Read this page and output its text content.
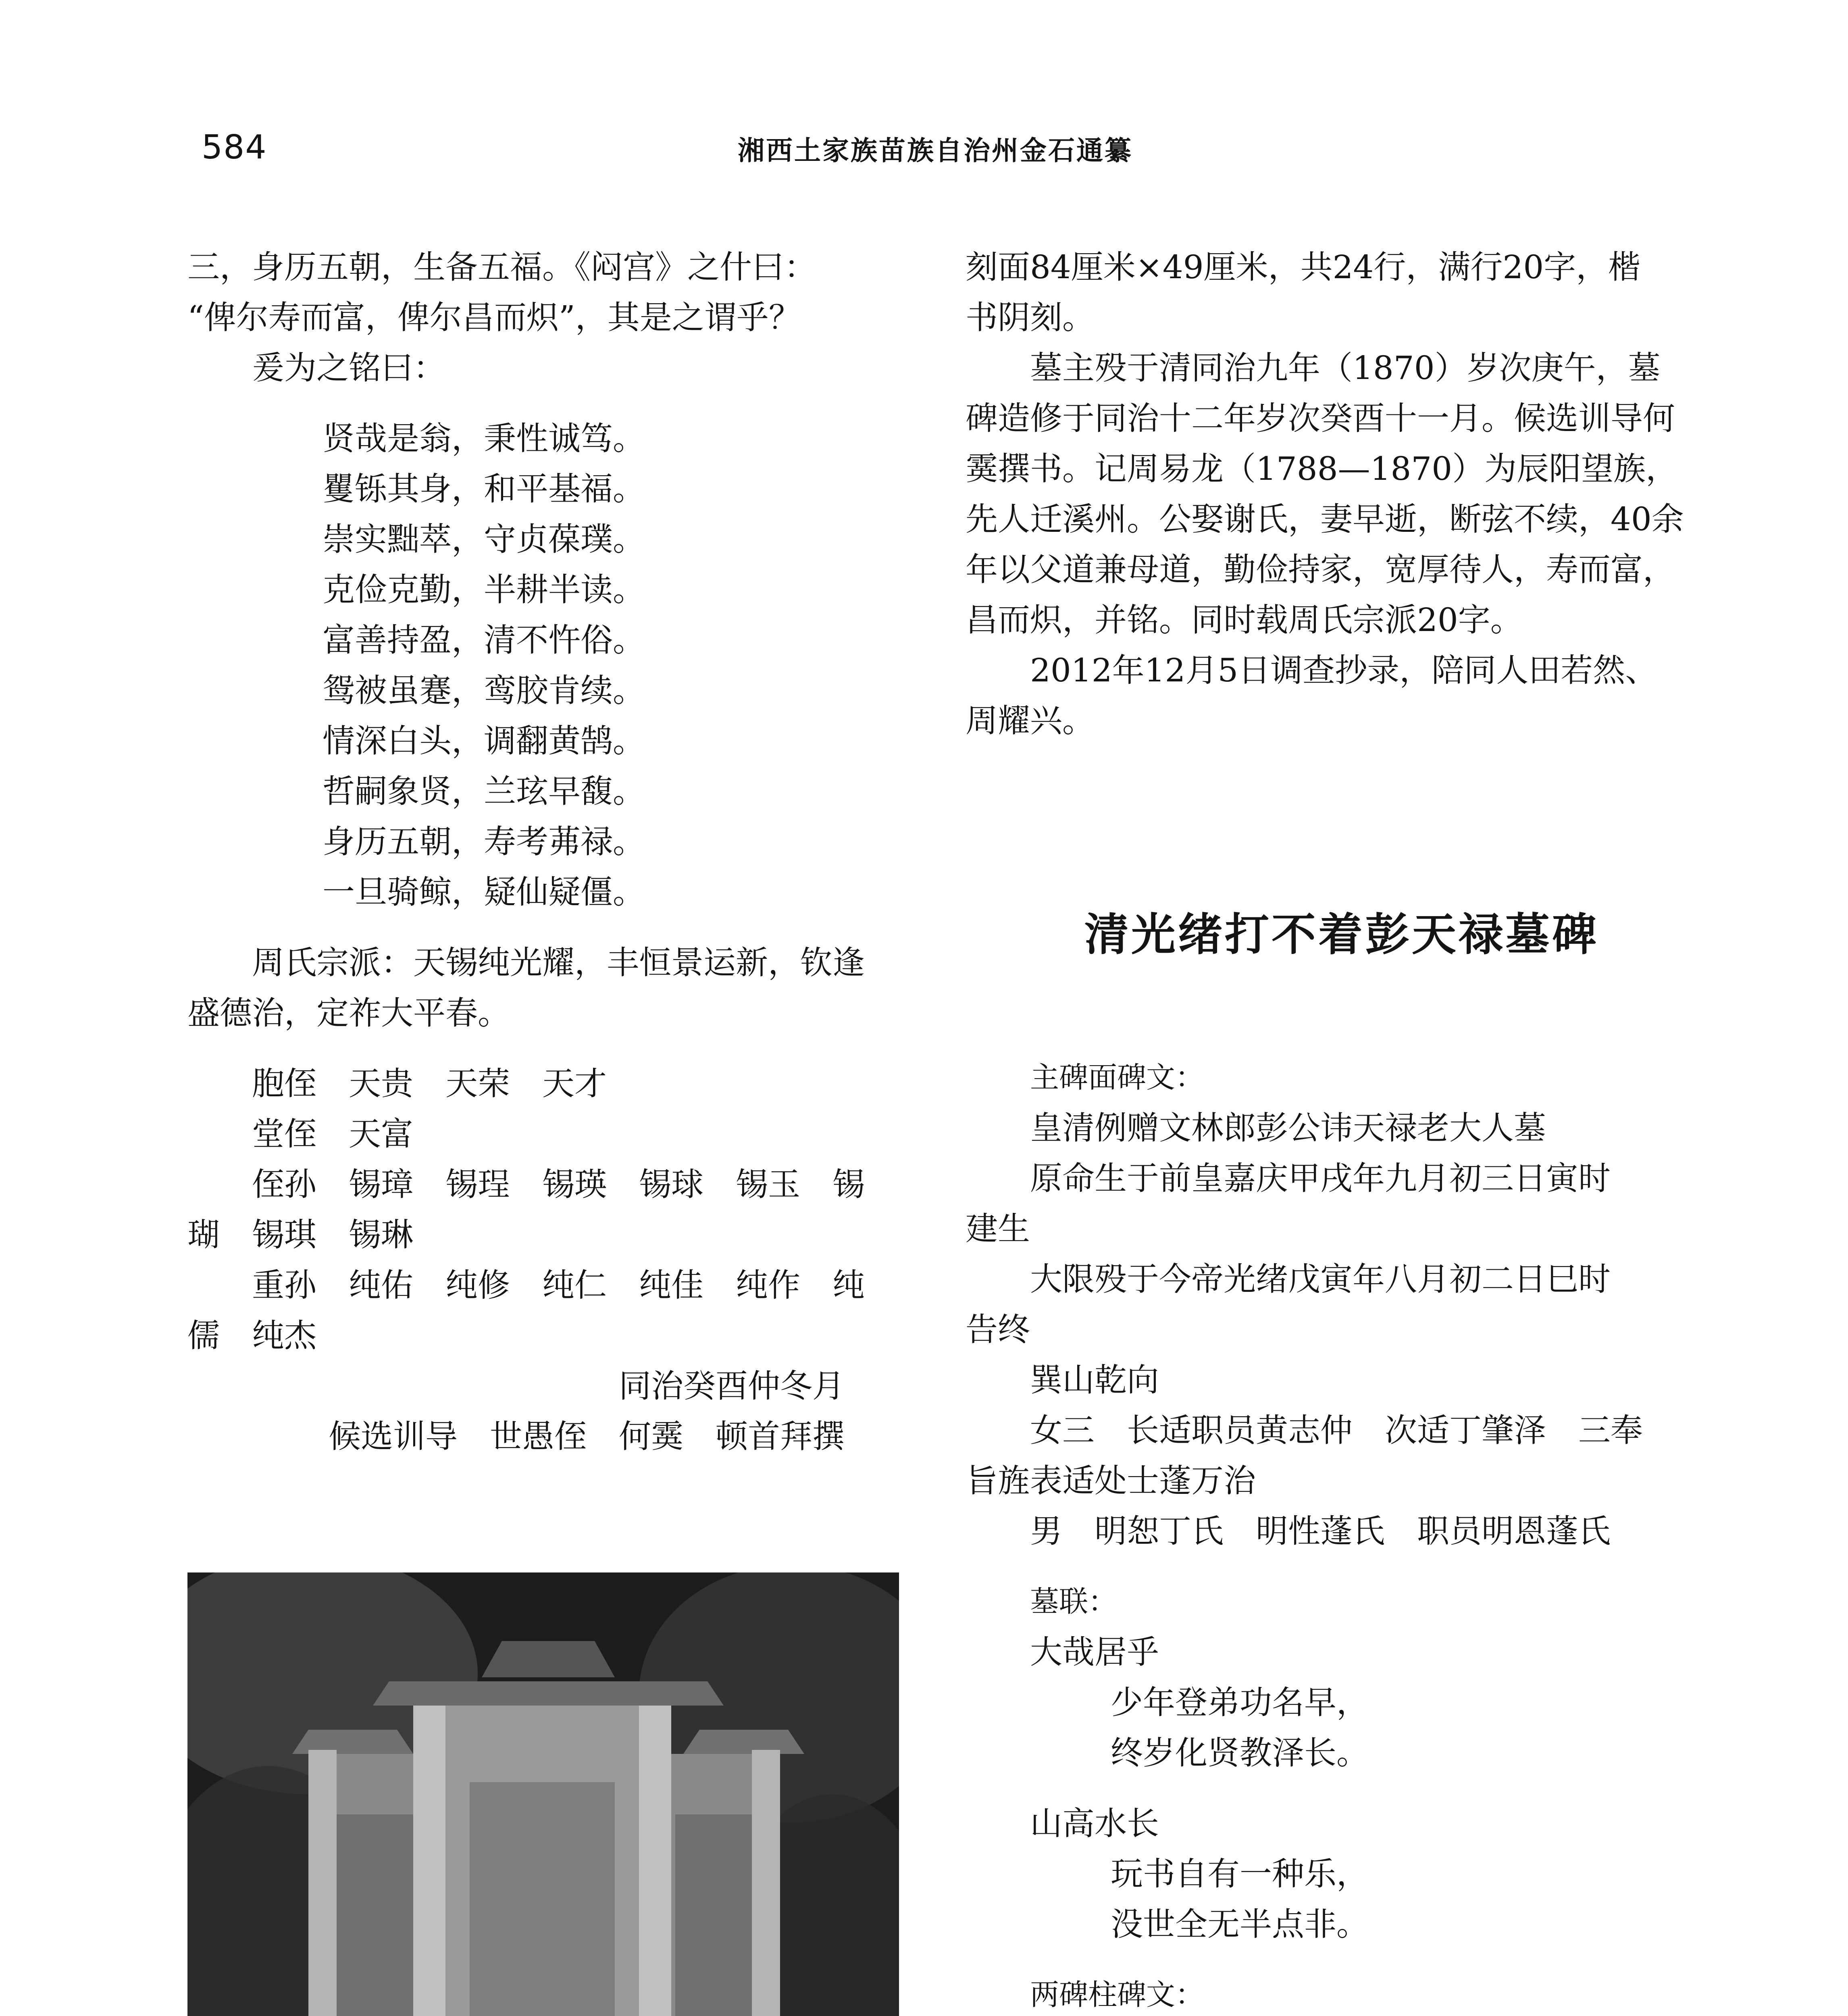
584	湘西土家族苗族自治州金石通纂

三，身历五朝，生备五福。《闷宫》之什曰：

“俾尔寿而富，俾尔昌而炽”，其是之谓乎？

爰为之铭曰：

贤哉是翁，秉性诚笃。

矍铄其身，和平基福。

崇实黜萃，守贞葆璞。

克俭克勤，半耕半读。

富善持盈，清不忤俗。

鸳被虽蹇，鸾胶肯续。

情深白头，调翻黄鹄。

哲嗣象贤，兰玹早馥。

身历五朝，寿考茀禄。

一旦骑鲸，疑仙疑僵。

周氏宗派：天锡纯光耀，丰恒景运新，钦逢

盛德治，定祚大平春。

胞侄　天贵　天荣　天才

堂侄　天富

侄孙　锡璋　锡珵　锡瑛　锡球　锡玉　锡

瑚　锡琪　锡琳

重孙　纯佑　纯修　纯仁　纯佳　纯作　纯

儒　纯杰

同治癸酉仲冬月

候选训导　世愚侄　何霙　顿首拜撰

刻面84厘米×49厘米，共24行，满行20字，楷

书阴刻。

墓主殁于清同治九年（1870）岁次庚午，墓

碑造修于同治十二年岁次癸酉十一月。候选训导何

霙撰书。记周易龙（1788—1870）为辰阳望族，

先人迁溪州。公娶谢氏，妻早逝，断弦不续，40余

年以父道兼母道，勤俭持家，宽厚待人，寿而富，

昌而炽，并铭。同时载周氏宗派20字。

2012年12月5日调查抄录，陪同人田若然、

周耀兴。

清光绪打不着彭天禄墓碑

主碑面碑文：

皇清例赠文林郎彭公讳天禄老大人墓

原命生于前皇嘉庆甲戌年九月初三日寅时

建生

大限殁于今帝光绪戊寅年八月初二日巳时

告终

巽山乾向

女三　长适职员黄志仲　次适丁肇泽　三奉

旨旌表适处士蓬万治

男　明恕丁氏　明性蓬氏　职员明恩蓬氏

墓联：

大哉居乎

少年登弟功名早，

终岁化贤教泽长。

山高水长

玩书自有一种乐，

没世全无半点非。

两碑柱碑文：
